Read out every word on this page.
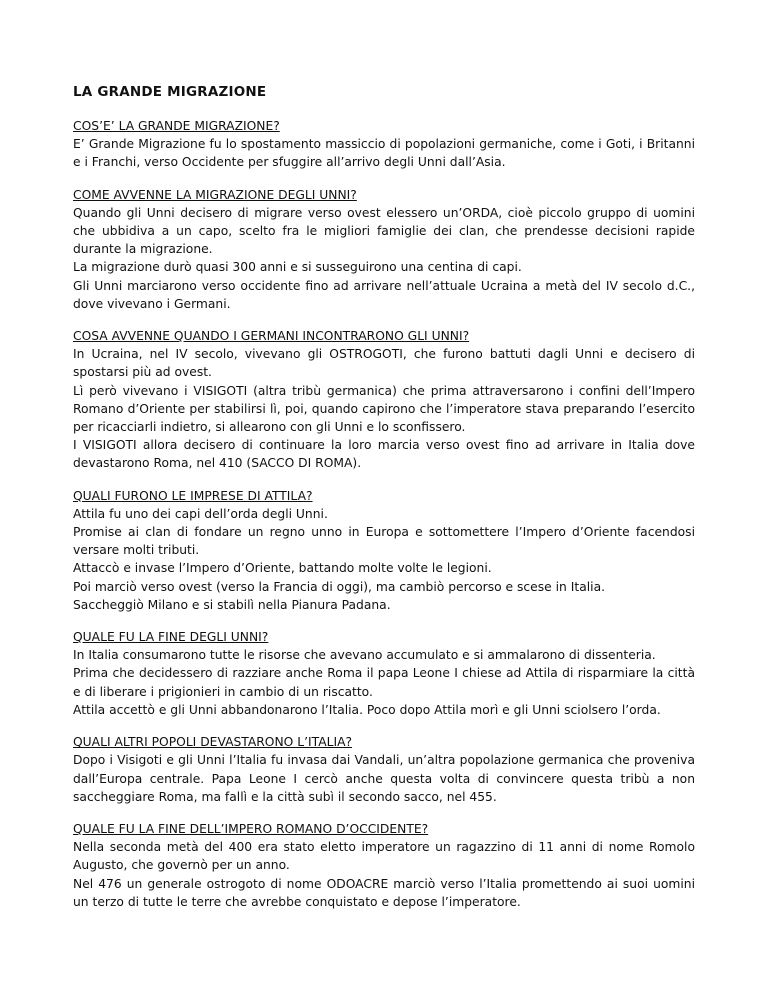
LA GRANDE MIGRAZIONE
COS’E’ LA GRANDE MIGRAZIONE?
E’ Grande Migrazione fu lo spostamento massiccio di popolazioni germaniche, come i Goti, i Britanni e i Franchi, verso Occidente per sfuggire all’arrivo degli Unni dall’Asia.
COME AVVENNE LA MIGRAZIONE DEGLI UNNI?
Quando gli Unni decisero di migrare verso ovest elessero un’ORDA, cioè piccolo gruppo di uomini che ubbidiva a un capo, scelto fra le migliori famiglie dei clan, che prendesse decisioni rapide durante la migrazione.
La migrazione durò quasi 300 anni e si susseguirono una centina di capi.
Gli Unni marciarono verso occidente fino ad arrivare nell’attuale Ucraina a metà del IV secolo d.C., dove vivevano i Germani.
COSA AVVENNE QUANDO I GERMANI INCONTRARONO GLI UNNI?
In Ucraina, nel IV secolo, vivevano gli OSTROGOTI, che furono battuti dagli Unni e decisero di spostarsi più ad ovest.
Lì però vivevano i VISIGOTI (altra tribù germanica) che prima attraversarono i confini dell’Impero Romano d’Oriente per stabilirsi lì, poi, quando capirono che l’imperatore stava preparando l’esercito per ricacciarli indietro, si allearono con gli Unni e lo sconfissero.
I VISIGOTI allora decisero di continuare la loro marcia verso ovest fino ad arrivare in Italia dove devastarono Roma, nel 410 (SACCO DI ROMA).
QUALI FURONO LE IMPRESE DI ATTILA?
Attila fu uno dei capi dell’orda degli Unni.
Promise ai clan di fondare un regno unno in Europa e sottomettere l’Impero d’Oriente facendosi versare molti tributi.
Attaccò e invase l’Impero d’Oriente, battando molte volte le legioni.
Poi marciò verso ovest (verso la Francia di oggi), ma cambiò percorso e scese in Italia.
Saccheggiò Milano e si stabilì nella Pianura Padana.
QUALE FU LA FINE DEGLI UNNI?
In Italia consumarono tutte le risorse che avevano accumulato e si ammalarono di dissenteria.
Prima che decidessero di razziare anche Roma il papa Leone I chiese ad Attila di risparmiare la città e di liberare i prigionieri in cambio di un riscatto.
Attila accettò e gli Unni abbandonarono l’Italia. Poco dopo Attila morì e gli Unni sciolsero l’orda.
QUALI ALTRI POPOLI DEVASTARONO L’ITALIA?
Dopo i Visigoti e gli Unni l’Italia fu invasa dai Vandali, un’altra popolazione germanica che proveniva dall’Europa centrale. Papa Leone I cercò anche questa volta di convincere questa tribù a non saccheggiare Roma, ma fallì e la città subì il secondo sacco, nel 455.
QUALE FU LA FINE DELL’IMPERO ROMANO D’OCCIDENTE?
Nella seconda metà del 400 era stato eletto imperatore un ragazzino di 11 anni di nome Romolo Augusto, che governò per un anno.
Nel 476 un generale ostrogoto di nome ODOACRE marciò verso l’Italia promettendo ai suoi uomini un terzo di tutte le terre che avrebbe conquistato e depose l’imperatore.
